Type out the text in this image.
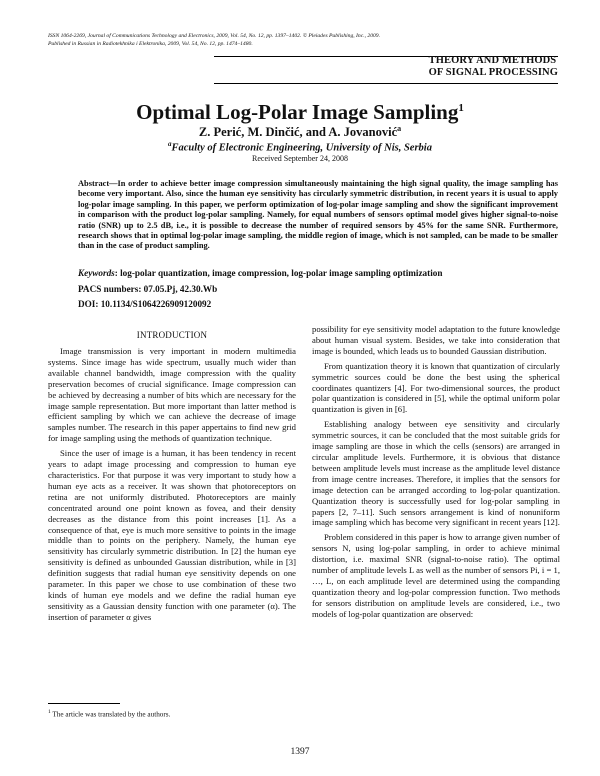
ISSN 1064-2269, Journal of Communications Technology and Electronics, 2009, Vol. 54, No. 12, pp. 1397–1402. © Pleiades Publishing, Inc., 2009.
Published in Russian in Radiotekhnika i Elektronika, 2009, Vol. 54, No. 12, pp. 1474–1480.
THEORY AND METHODS
OF SIGNAL PROCESSING
Optimal Log-Polar Image Sampling$^1$
Z. Perić, M. Dinčić, and A. Jovanović$^a$
$^a$Faculty of Electronic Engineering, University of Nis, Serbia
Received September 24, 2008
Abstract—In order to achieve better image compression simultaneously maintaining the high signal quality, the image sampling has become very important. Also, since the human eye sensitivity has circularly symmetric distribution, in recent years it is usual to apply log-polar image sampling. In this paper, we perform optimization of log-polar image sampling and show the significant improvement in comparison with the product log-polar sampling. Namely, for equal numbers of sensors optimal model gives higher signal-to-noise ratio (SNR) up to 2.5 dB, i.e., it is possible to decrease the number of required sensors by 45% for the same SNR. Furthermore, research shows that in optimal log-polar image sampling, the middle region of image, which is not sampled, can be made to be smaller than in the case of product sampling.
Keywords: log-polar quantization, image compression, log-polar image sampling optimization
PACS numbers: 07.05.Pj, 42.30.Wb
DOI: 10.1134/S1064226909120092
INTRODUCTION

Image transmission is very important in modern multimedia systems. Since image has wide spectrum, usually much wider than available channel bandwidth, image compression with the quality preservation becomes of crucial significance. Image compression can be achieved by decreasing a number of bits which are necessary for the image sample representation. But more important than latter method is efficient sampling by which we can achieve the decrease of image samples number. The research in this paper appertains to find new grid for image sampling using the methods of quantization technique.

Since the user of image is a human, it has been tendency in recent years to adapt image processing and compression to human eye characteristics. For that purpose it was very important to study how a human eye acts as a receiver. It was shown that photoreceptors on retina are not uniformly distributed. Photoreceptors are mainly concentrated around one point known as fovea, and their density decreases as the distance from this point increases [1]. As a consequence of that, eye is much more sensitive to points in the image middle than to points on the periphery. Namely, the human eye sensitivity has circularly symmetric distribution. In [2] the human eye sensitivity is defined as unbounded Gaussian distribution, while in [3] definition suggests that radial human eye sensitivity depends on one parameter. In this paper we chose to use combination of these two kinds of human eye models and we define the radial human eye sensitivity as a Gaussian density function with one parameter (α). The insertion of parameter α gives

possibility for eye sensitivity model adaptation to the future knowledge about human visual system. Besides, we take into consideration that image is bounded, which leads us to bounded Gaussian distribution.

From quantization theory it is known that quantization of circularly symmetric sources could be done the best using the spherical coordinates quantizers [4]. For two-dimensional sources, the product polar quantization is considered in [5], while the optimal uniform polar quantization is given in [6].

Establishing analogy between eye sensitivity and circularly symmetric sources, it can be concluded that the most suitable grids for image sampling are those in which the cells (sensors) are arranged in circular amplitude levels. Furthermore, it is obvious that distance between amplitude levels must increase as the amplitude level distance from image centre increases. Therefore, it implies that the sensors for image detection can be arranged according to log-polar quantization. Quantization theory is successfully used for log-polar sampling in papers [2, 7–11]. Such sensors arrangement is kind of nonuniform image sampling which has become very significant in recent years [12].

Problem considered in this paper is how to arrange given number of sensors N, using log-polar sampling, in order to achieve minimal distortion, i.e. maximal SNR (signal-to-noise ratio). The optimal number of amplitude levels L as well as the number of sensors Pi, i = 1, …, L, on each amplitude level are determined using the companding quantization theory and log-polar compression function. Two methods for sensors distribution on amplitude levels are considered, i.e., two models of log-polar quantization are observed:

$^1$ The article was translated by the authors.
1397
